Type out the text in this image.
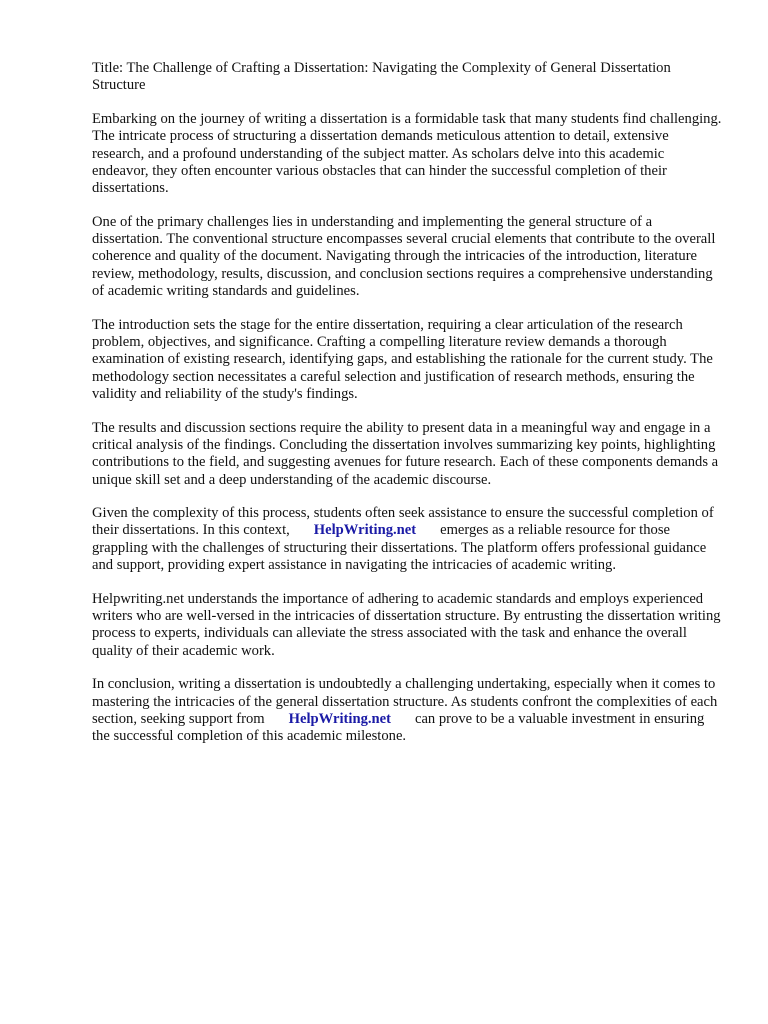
Title: The Challenge of Crafting a Dissertation: Navigating the Complexity of General Dissertation Structure

Embarking on the journey of writing a dissertation is a formidable task that many students find challenging. The intricate process of structuring a dissertation demands meticulous attention to detail, extensive research, and a profound understanding of the subject matter. As scholars delve into this academic endeavor, they often encounter various obstacles that can hinder the successful completion of their dissertations.

One of the primary challenges lies in understanding and implementing the general structure of a dissertation. The conventional structure encompasses several crucial elements that contribute to the overall coherence and quality of the document. Navigating through the intricacies of the introduction, literature review, methodology, results, discussion, and conclusion sections requires a comprehensive understanding of academic writing standards and guidelines.

The introduction sets the stage for the entire dissertation, requiring a clear articulation of the research problem, objectives, and significance. Crafting a compelling literature review demands a thorough examination of existing research, identifying gaps, and establishing the rationale for the current study. The methodology section necessitates a careful selection and justification of research methods, ensuring the validity and reliability of the study's findings.

The results and discussion sections require the ability to present data in a meaningful way and engage in a critical analysis of the findings. Concluding the dissertation involves summarizing key points, highlighting contributions to the field, and suggesting avenues for future research. Each of these components demands a unique skill set and a deep understanding of the academic discourse.

Given the complexity of this process, students often seek assistance to ensure the successful completion of their dissertations. In this context, HelpWriting.net emerges as a reliable resource for those grappling with the challenges of structuring their dissertations. The platform offers professional guidance and support, providing expert assistance in navigating the intricacies of academic writing.

Helpwriting.net understands the importance of adhering to academic standards and employs experienced writers who are well-versed in the intricacies of dissertation structure. By entrusting the dissertation writing process to experts, individuals can alleviate the stress associated with the task and enhance the overall quality of their academic work.

In conclusion, writing a dissertation is undoubtedly a challenging undertaking, especially when it comes to mastering the intricacies of the general dissertation structure. As students confront the complexities of each section, seeking support from HelpWriting.net can prove to be a valuable investment in ensuring the successful completion of this academic milestone.
